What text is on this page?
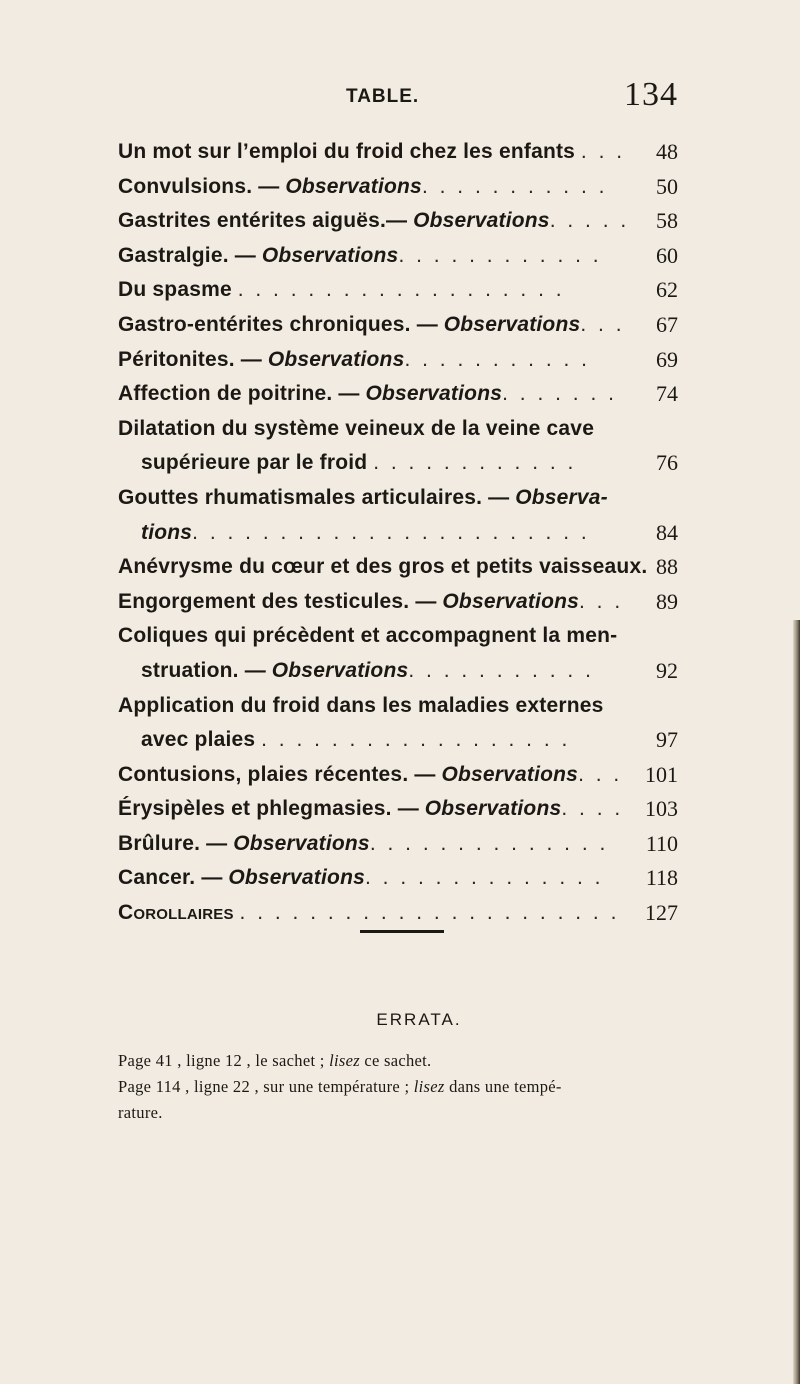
TABLE.	134
Un mot sur l’emploi du froid chez les enfants . . . 48
Convulsions. — Observations. . . . . . . . . . . 50
Gastrites entérites aiguës.— Observations. . . . . 58
Gastralgie. — Observations. . . . . . . . . . . . 60
Du spasme . . . . . . . . . . . . . . . . . . .	62
Gastro-entérites chroniques. — Observations. . . 67
Péritonites. — Observations. . . . . . . . . . .	69
Affection de poitrine. — Observations. . . . . . . 74
Dilatation du système veineux de la veine cave
supérieure par le froid . . . . . . . . . . . .	76
Gouttes rhumatismales articulaires. — Observa-
tions. . . . . . . . . . . . . . . . . . . . . . .	84
Anévrysme du cœur et des gros et petits vaisseaux. 88
Engorgement des testicules. — Observations. . . 89
Coliques qui précèdent et accompagnent la men-
struation. — Observations. . . . . . . . . . .	92
Application du froid dans les maladies externes
avec plaies . . . . . . . . . . . . . . . . . .	97
Contusions, plaies récentes. — Observations. . . 101
Érysipèles et phlegmasies. — Observations. . . . 103
Brûlure. — Observations. . . . . . . . . . . . . . 110
Cancer. — Observations. . . . . . . . . . . . . . 118
Corollaires . . . . . . . . . . . . . . . . . . . . . . 127
ERRATA.
Page 41 , ligne 12 , le sachet ; lisez ce sachet.
Page 114 , ligne 22 , sur une température ; lisez dans une tempé-
rature.
